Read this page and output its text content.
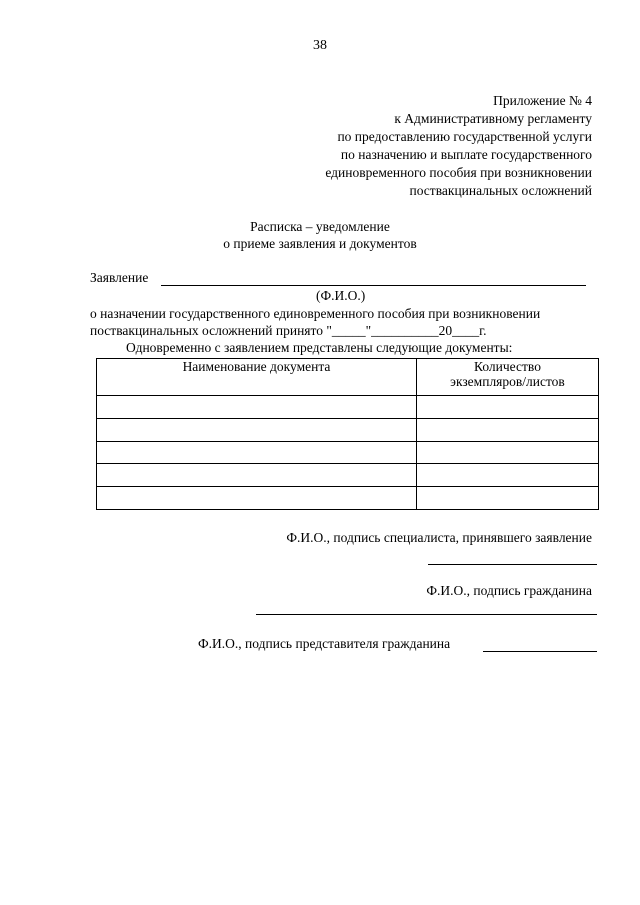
38
Приложение № 4
к Административному регламенту
по предоставлению государственной услуги
по назначению и выплате государственного
единовременного пособия при возникновении
поствакцинальных осложнений
Расписка – уведомление
о приеме заявления и документов
Заявление
(Ф.И.О.)
о назначении государственного единовременного пособия при возникновении
поствакцинальных осложнений принято "_____"__________20____г.
Одновременно с заявлением представлены следующие документы:
Наименование документа	Количество
экземпляров/листов

Ф.И.О., подпись специалиста, принявшего заявление
Ф.И.О., подпись гражданина
Ф.И.О., подпись представителя гражданина
